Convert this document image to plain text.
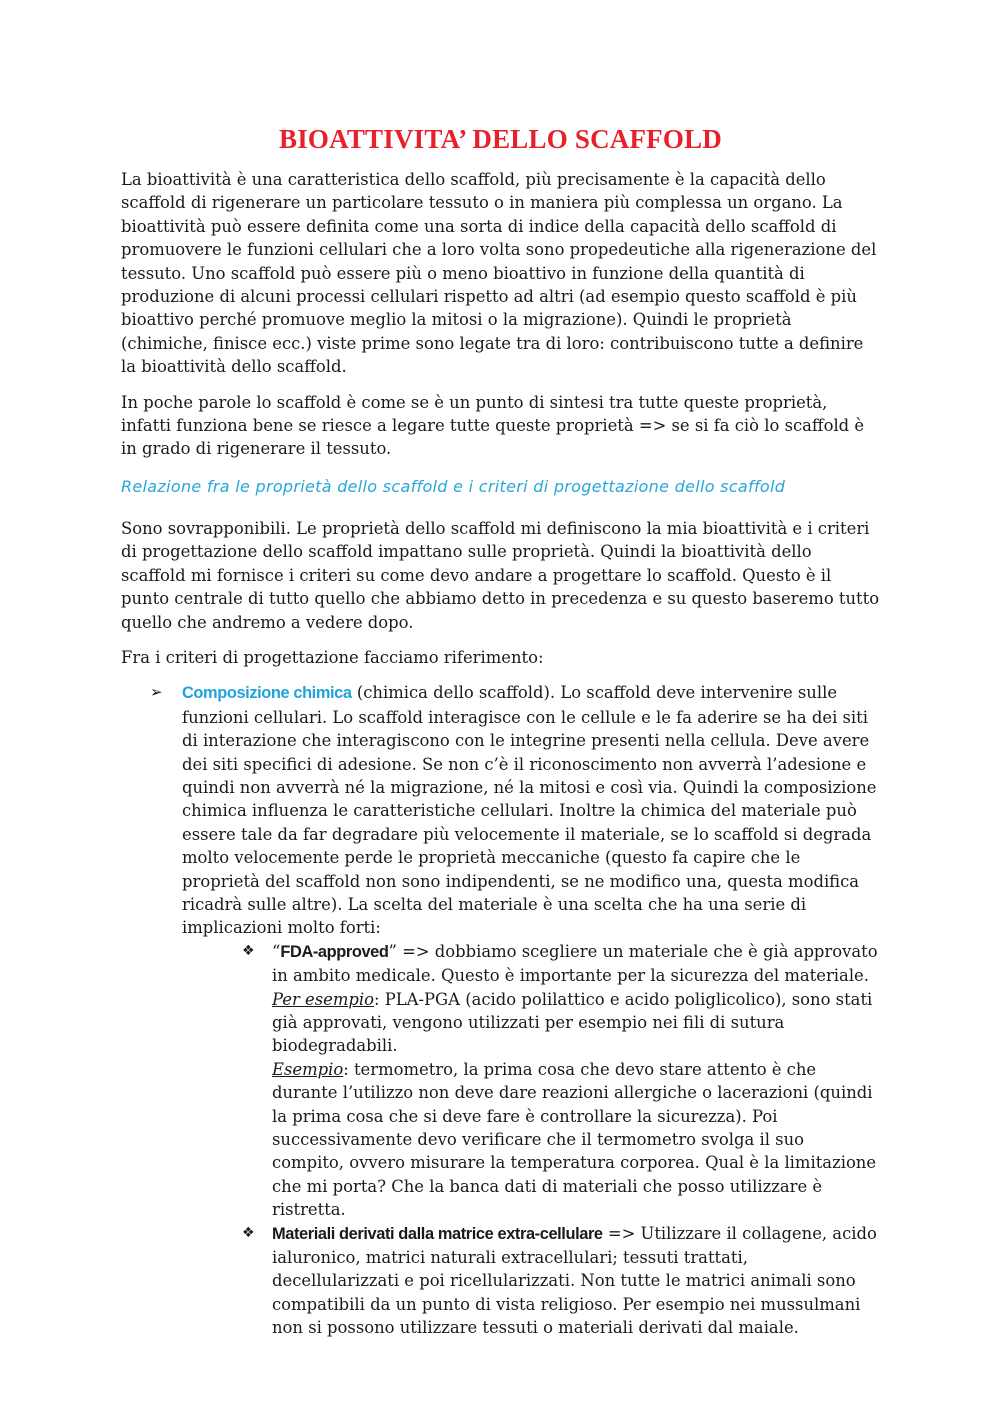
BIOATTIVITA’ DELLO SCAFFOLD

La bioattività è una caratteristica dello scaffold, più precisamente è la capacità dello scaffold di rigenerare un particolare tessuto o in maniera più complessa un organo. La bioattività può essere definita come una sorta di indice della capacità dello scaffold di promuovere le funzioni cellulari che a loro volta sono propedeutiche alla rigenerazione del tessuto. Uno scaffold può essere più o meno bioattivo in funzione della quantità di produzione di alcuni processi cellulari rispetto ad altri (ad esempio questo scaffold è più bioattivo perché promuove meglio la mitosi o la migrazione). Quindi le proprietà (chimiche, finisce ecc.) viste prime sono legate tra di loro: contribuiscono tutte a definire la bioattività dello scaffold.

In poche parole lo scaffold è come se è un punto di sintesi tra tutte queste proprietà, infatti funziona bene se riesce a legare tutte queste proprietà => se si fa ciò lo scaffold è in grado di rigenerare il tessuto.

Relazione fra le proprietà dello scaffold e i criteri di progettazione dello scaffold

Sono sovrapponibili. Le proprietà dello scaffold mi definiscono la mia bioattività e i criteri di progettazione dello scaffold impattano sulle proprietà. Quindi la bioattività dello scaffold mi fornisce i criteri su come devo andare a progettare lo scaffold. Questo è il punto centrale di tutto quello che abbiamo detto in precedenza e su questo baseremo tutto quello che andremo a vedere dopo.

Fra i criteri di progettazione facciamo riferimento:

➢ Composizione chimica (chimica dello scaffold). Lo scaffold deve intervenire sulle funzioni cellulari. Lo scaffold interagisce con le cellule e le fa aderire se ha dei siti di interazione che interagiscono con le integrine presenti nella cellula. Deve avere dei siti specifici di adesione. Se non c’è il riconoscimento non avverrà l’adesione e quindi non avverrà né la migrazione, né la mitosi e così via. Quindi la composizione chimica influenza le caratteristiche cellulari. Inoltre la chimica del materiale può essere tale da far degradare più velocemente il materiale, se lo scaffold si degrada molto velocemente perde le proprietà meccaniche (questo fa capire che le proprietà del scaffold non sono indipendenti, se ne modifico una, questa modifica ricadrà sulle altre). La scelta del materiale è una scelta che ha una serie di implicazioni molto forti:
❖ “FDA-approved” => dobbiamo scegliere un materiale che è già approvato in ambito medicale. Questo è importante per la sicurezza del materiale.
Per esempio: PLA-PGA (acido polilattico e acido poliglicolico), sono stati già approvati, vengono utilizzati per esempio nei fili di sutura biodegradabili.
Esempio: termometro, la prima cosa che devo stare attento è che durante l’utilizzo non deve dare reazioni allergiche o lacerazioni (quindi la prima cosa che si deve fare è controllare la sicurezza). Poi successivamente devo verificare che il termometro svolga il suo compito, ovvero misurare la temperatura corporea. Qual è la limitazione che mi porta? Che la banca dati di materiali che posso utilizzare è ristretta.
❖ Materiali derivati dalla matrice extra-cellulare => Utilizzare il collagene, acido ialuronico, matrici naturali extracellulari; tessuti trattati, decellularizzati e poi ricellularizzati. Non tutte le matrici animali sono compatibili da un punto di vista religioso. Per esempio nei mussulmani non si possono utilizzare tessuti o materiali derivati dal maiale.
